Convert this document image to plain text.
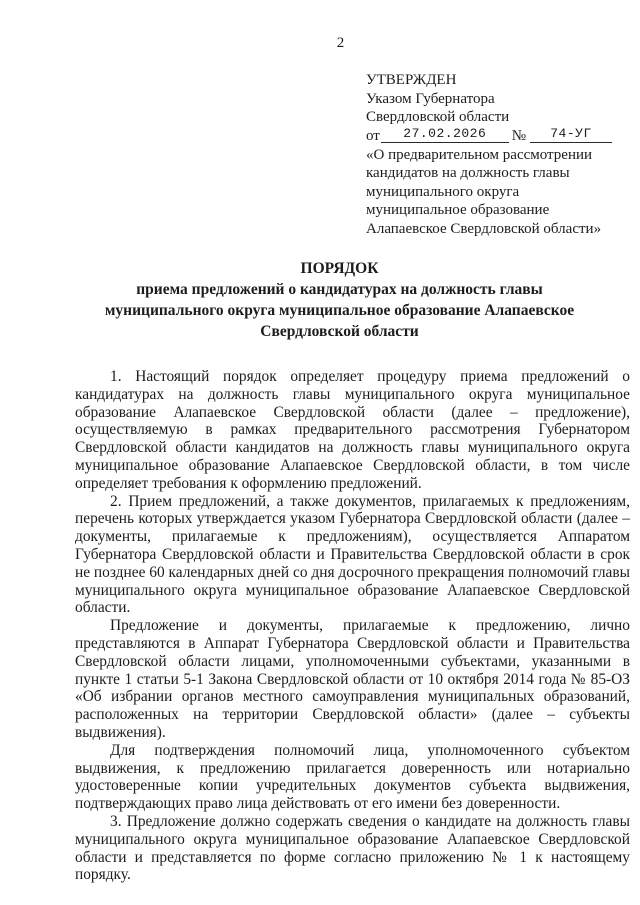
2
УТВЕРЖДЕН
Указом Губернатора
Свердловской области
от	27.02.2026	№	74-УГ
«О предварительном рассмотрении
кандидатов на должность главы
муниципального округа
муниципальное образование
Алапаевское Свердловской области»
ПОРЯДОК
приема предложений о кандидатурах на должность главы муниципального округа муниципальное образование Алапаевское Свердловской области

1. Настоящий порядок определяет процедуру приема предложений о кандидатурах на должность главы муниципального округа муниципальное образование Алапаевское Свердловской области (далее – предложение), осуществляемую в рамках предварительного рассмотрения Губернатором Свердловской области кандидатов на должность главы муниципального округа муниципальное образование Алапаевское Свердловской области, в том числе определяет требования к оформлению предложений.

2. Прием предложений, а также документов, прилагаемых к предложениям, перечень которых утверждается указом Губернатора Свердловской области (далее – документы, прилагаемые к предложениям), осуществляется Аппаратом Губернатора Свердловской области и Правительства Свердловской области в срок не позднее 60 календарных дней со дня досрочного прекращения полномочий главы муниципального округа муниципальное образование Алапаевское Свердловской области.

Предложение и документы, прилагаемые к предложению, лично представляются в Аппарат Губернатора Свердловской области и Правительства Свердловской области лицами, уполномоченными субъектами, указанными в пункте 1 статьи 5-1 Закона Свердловской области от 10 октября 2014 года № 85-ОЗ «Об избрании органов местного самоуправления муниципальных образований, расположенных на территории Свердловской области» (далее – субъекты выдвижения).

Для подтверждения полномочий лица, уполномоченного субъектом выдвижения, к предложению прилагается доверенность или нотариально удостоверенные копии учредительных документов субъекта выдвижения, подтверждающих право лица действовать от его имени без доверенности.

3. Предложение должно содержать сведения о кандидате на должность главы муниципального округа муниципальное образование Алапаевское Свердловской области и представляется по форме согласно приложению № 1 к настоящему порядку.
